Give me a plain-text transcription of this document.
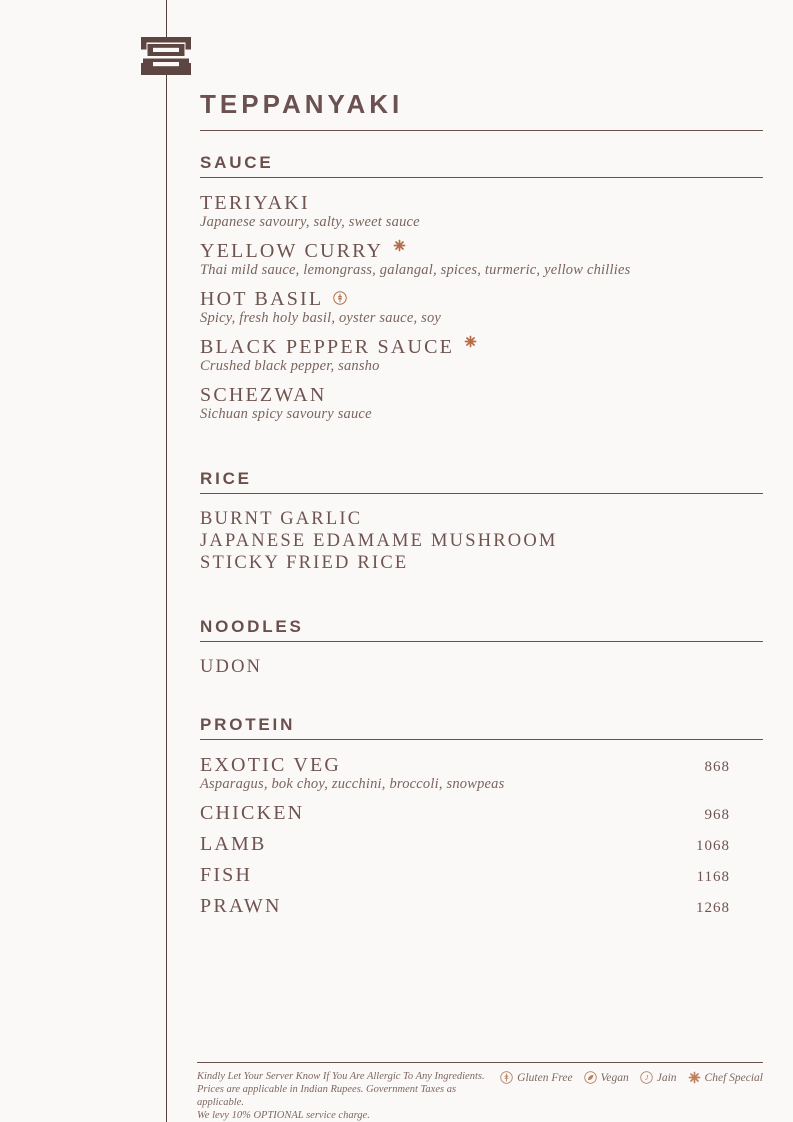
TEPPANYAKI
SAUCE
TERIYAKI
Japanese savoury, salty, sweet sauce
YELLOW CURRY
Thai mild sauce, lemongrass, galangal, spices, turmeric, yellow chillies
HOT BASIL
Spicy, fresh holy basil, oyster sauce, soy
BLACK PEPPER SAUCE
Crushed black pepper, sansho
SCHEZWAN
Sichuan spicy savoury sauce
RICE
BURNT GARLIC
JAPANESE EDAMAME MUSHROOM
STICKY FRIED RICE
NOODLES
UDON
PROTEIN
EXOTIC VEG	868
Asparagus, bok choy, zucchini, broccoli, snowpeas
CHICKEN	968
LAMB	1068
FISH	1168
PRAWN	1268

Kindly Let Your Server Know If You Are Allergic To Any Ingredients.

Prices are applicable in Indian Rupees. Government Taxes as applicable.

We levy 10% OPTIONAL service charge.

Gluten Free Vegan J Jain Chef Special
